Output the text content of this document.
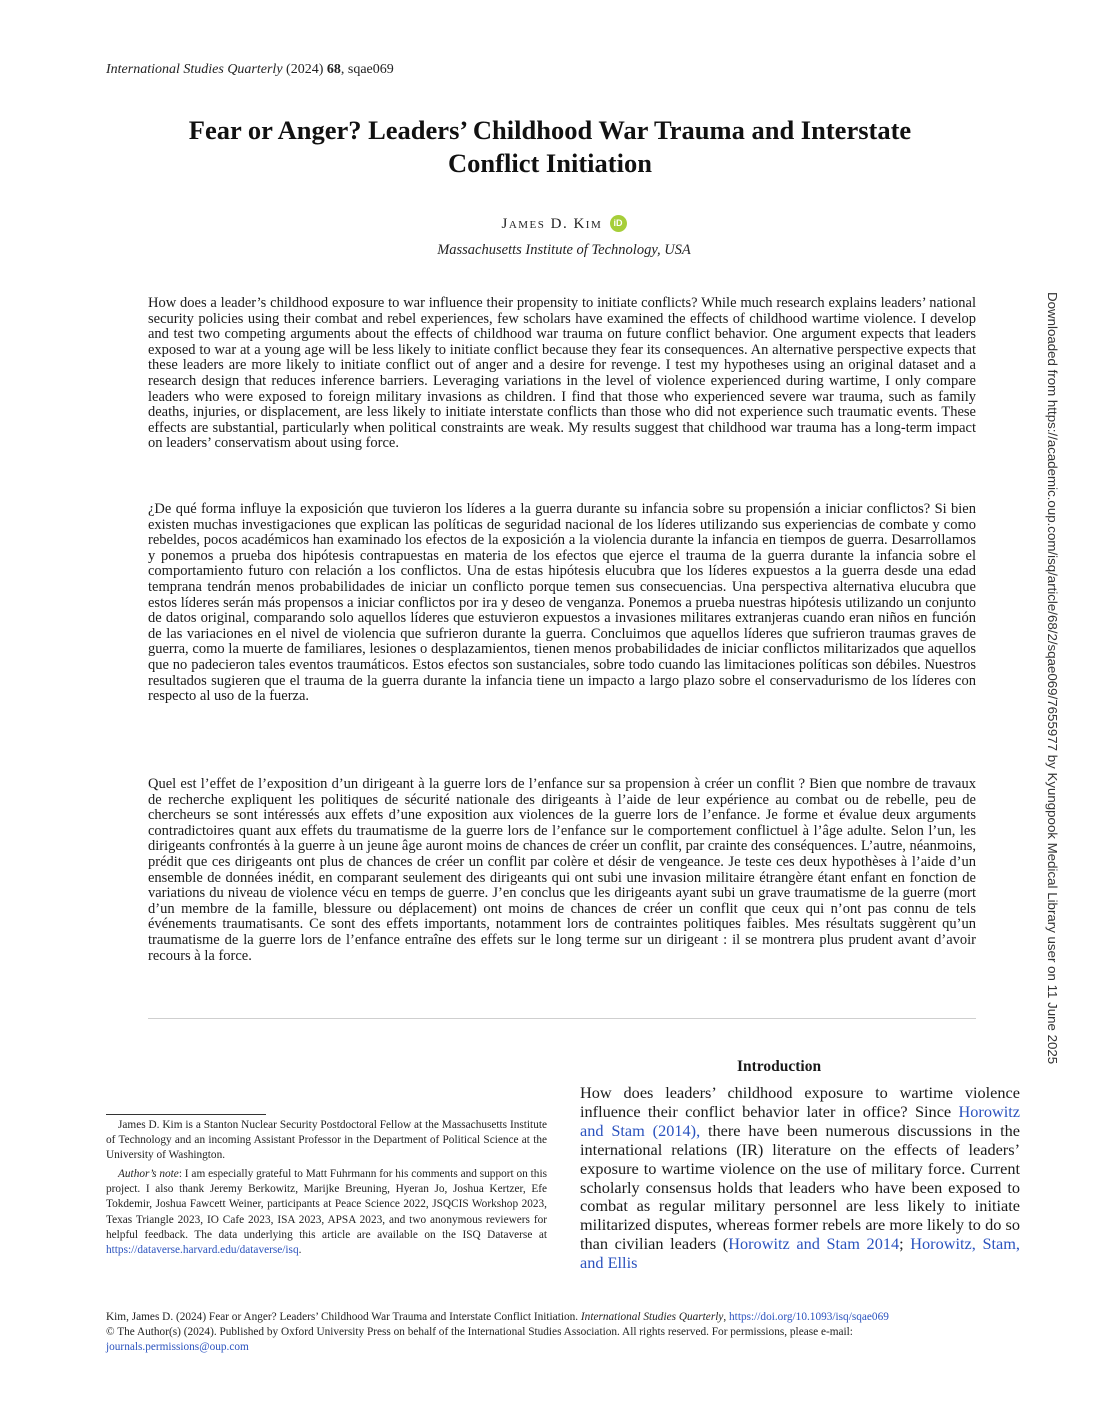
International Studies Quarterly (2024) 68, sqae069
Fear or Anger? Leaders’ Childhood War Trauma and Interstate
Conflict Initiation
James D. Kim iD
Massachusetts Institute of Technology, USA

How does a leader’s childhood exposure to war influence their propensity to initiate conflicts? While much research explains leaders’ national security policies using their combat and rebel experiences, few scholars have examined the effects of childhood wartime violence. I develop and test two competing arguments about the effects of childhood war trauma on future conflict behavior. One argument expects that leaders exposed to war at a young age will be less likely to initiate conflict because they fear its consequences. An alternative perspective expects that these leaders are more likely to initiate conflict out of anger and a desire for revenge. I test my hypotheses using an original dataset and a research design that reduces inference barriers. Leveraging variations in the level of violence experienced during wartime, I only compare leaders who were exposed to foreign military invasions as children. I find that those who experienced severe war trauma, such as family deaths, injuries, or displacement, are less likely to initiate interstate conflicts than those who did not experience such traumatic events. These effects are substantial, particularly when political constraints are weak. My results suggest that childhood war trauma has a long-term impact on leaders’ conservatism about using force.

¿De qué forma influye la exposición que tuvieron los líderes a la guerra durante su infancia sobre su propensión a iniciar conflictos? Si bien existen muchas investigaciones que explican las políticas de seguridad nacional de los líderes utilizando sus experiencias de combate y como rebeldes, pocos académicos han examinado los efectos de la exposición a la violencia durante la infancia en tiempos de guerra. Desarrollamos y ponemos a prueba dos hipótesis contrapuestas en materia de los efectos que ejerce el trauma de la guerra durante la infancia sobre el comportamiento futuro con relación a los conflictos. Una de estas hipótesis elucubra que los líderes expuestos a la guerra desde una edad temprana tendrán menos probabilidades de iniciar un conflicto porque temen sus consecuencias. Una perspectiva alternativa elucubra que estos líderes serán más propensos a iniciar conflictos por ira y deseo de venganza. Ponemos a prueba nuestras hipótesis utilizando un conjunto de datos original, comparando solo aquellos líderes que estuvieron expuestos a invasiones militares extranjeras cuando eran niños en función de las variaciones en el nivel de violencia que sufrieron durante la guerra. Concluimos que aquellos líderes que sufrieron traumas graves de guerra, como la muerte de familiares, lesiones o desplazamientos, tienen menos probabilidades de iniciar conflictos militarizados que aquellos que no padecieron tales eventos traumáticos. Estos efectos son sustanciales, sobre todo cuando las limitaciones políticas son débiles. Nuestros resultados sugieren que el trauma de la guerra durante la infancia tiene un impacto a largo plazo sobre el conservadurismo de los líderes con respecto al uso de la fuerza.

Quel est l’effet de l’exposition d’un dirigeant à la guerre lors de l’enfance sur sa propension à créer un conflit ? Bien que nombre de travaux de recherche expliquent les politiques de sécurité nationale des dirigeants à l’aide de leur expérience au combat ou de rebelle, peu de chercheurs se sont intéressés aux effets d’une exposition aux violences de la guerre lors de l’enfance. Je forme et évalue deux arguments contradictoires quant aux effets du traumatisme de la guerre lors de l’enfance sur le comportement conflictuel à l’âge adulte. Selon l’un, les dirigeants confrontés à la guerre à un jeune âge auront moins de chances de créer un conflit, par crainte des conséquences. L’autre, néanmoins, prédit que ces dirigeants ont plus de chances de créer un conflit par colère et désir de vengeance. Je teste ces deux hypothèses à l’aide d’un ensemble de données inédit, en comparant seulement des dirigeants qui ont subi une invasion militaire étrangère étant enfant en fonction de variations du niveau de violence vécu en temps de guerre. J’en conclus que les dirigeants ayant subi un grave traumatisme de la guerre (mort d’un membre de la famille, blessure ou déplacement) ont moins de chances de créer un conflit que ceux qui n’ont pas connu de tels événements traumatisants. Ce sont des effets importants, notamment lors de contraintes politiques faibles. Mes résultats suggèrent qu’un traumatisme de la guerre lors de l’enfance entraîne des effets sur le long terme sur un dirigeant : il se montrera plus prudent avant d’avoir recours à la force.

Introduction

How does leaders’ childhood exposure to wartime violence influence their conflict behavior later in office? Since Horowitz and Stam (2014), there have been numerous discussions in the international relations (IR) literature on the effects of leaders’ exposure to wartime violence on the use of military force. Current scholarly consensus holds that leaders who have been exposed to combat as regular military personnel are less likely to initiate militarized disputes, whereas former rebels are more likely to do so than civilian leaders (Horowitz and Stam 2014; Horowitz, Stam, and Ellis

James D. Kim is a Stanton Nuclear Security Postdoctoral Fellow at the Massachusetts Institute of Technology and an incoming Assistant Professor in the Department of Political Science at the University of Washington.

Author’s note: I am especially grateful to Matt Fuhrmann for his comments and support on this project. I also thank Jeremy Berkowitz, Marijke Breuning, Hyeran Jo, Joshua Kertzer, Efe Tokdemir, Joshua Fawcett Weiner, participants at Peace Science 2022, JSQCIS Workshop 2023, Texas Triangle 2023, IO Cafe 2023, ISA 2023, APSA 2023, and two anonymous reviewers for helpful feedback. The data underlying this article are available on the ISQ Dataverse at https://dataverse.harvard.edu/dataverse/isq.

Kim, James D. (2024) Fear or Anger? Leaders’ Childhood War Trauma and Interstate Conflict Initiation. International Studies Quarterly, https://doi.org/10.1093/isq/sqae069
© The Author(s) (2024). Published by Oxford University Press on behalf of the International Studies Association. All rights reserved. For permissions, please e-mail:
journals.permissions@oup.com
Downloaded from https://academic.oup.com/isq/article/68/2/sqae069/7655977 by Kyungpook Medical Library user on 11 June 2025
